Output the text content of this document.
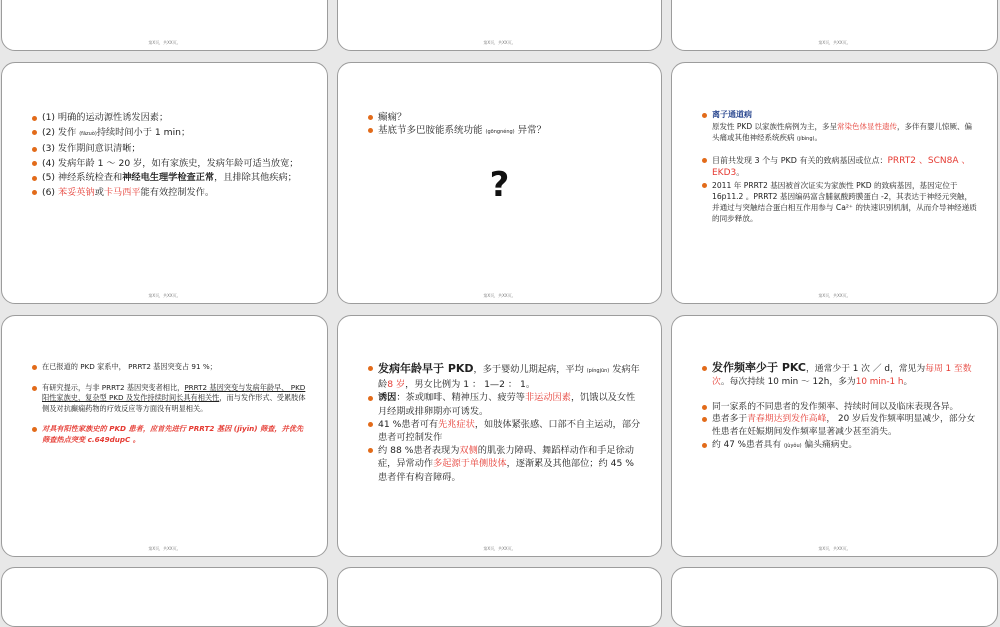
第X页，共XX页。	第X页，共XX页。	第X页，共XX页。
(1) 明确的运动源性诱发因素；
(2) 发作 (fāzuò)持续时间小于 1 min；
(3) 发作期间意识清晰；
(4) 发病年龄 1 ～ 20 岁，如有家族史，发病年龄可适当放宽；
(5) 神经系统检查和神经电生理学检查正常，且排除其他疾病；
(6) 苯妥英钠或卡马西平能有效控制发作。
第X页，共XX页。
癫痫？
基底节多巴胺能系统功能 (gōngnéng) 异常？
?
第X页，共XX页。
离子通道病
原发性 PKD 以家族性病例为主，多呈常染色体显性遗传，多伴有婴儿惊厥、偏头痛或其他神经系统疾病 (jíbìng)。
目前共发现 3 个与 PKD 有关的致病基因或位点：PRRT2 、SCN8A 、 EKD3。
2011 年 PRRT2 基因被首次证实为家族性 PKD 的致病基因，基因定位于 16p11.2 。PRRT2 基因编码富含脯氨酸跨膜蛋白 -2，其表达于神经元突触，并通过与突触结合蛋白相互作用参与 Ca²⁺ 的快速识别机制，从而介导神经递质的同步释放。
第X页，共XX页。
在已报道的 PKD 家系中， PRRT2 基因突变占 91 %；
有研究提示，与非 PRRT2 基因突变者相比，PRRT2 基因突变与发病年龄早、 PKD 阳性家族史、复杂型 PKD 及发作持续时间长具有相关性，而与发作形式、受累肢体侧及对抗癫痫药物的疗效反应等方面没有明显相关。
对具有阳性家族史的 PKD 患者，应首先进行 PRRT2 基因 (jīyīn) 筛查，并优先筛查热点突变 c.649dupC 。
第X页，共XX页。
发病年龄早于 PKD，多于婴幼儿期起病，平均 (píngjūn) 发病年龄8 岁，男女比例为 1 ： 1—2 ： 1。
诱因：茶或咖啡、精神压力、疲劳等非运动因素，饥饿以及女性月经期或排卵期亦可诱发。
41 %患者可有先兆症状，如肢体紧张感、口部不自主运动，部分患者可控制发作
约 88 %患者表现为双侧的肌张力障碍、舞蹈样动作和手足徐动症，异常动作多起源于单侧肢体，逐渐累及其他部位；约 45 %患者伴有构音障碍。
第X页，共XX页。
发作频率少于 PKC，通常少于 1 次 ／ d，常见为每周 1 至数次。每次持续 10 min ～ 12h，多为10 min-1 h。
同一家系的不同患者的发作频率、持续时间以及临床表现各异。
患者多于青春期达到发作高峰， 20 岁后发作频率明显减少，部分女性患者在妊娠期间发作频率显著减少甚至消失。
约 47 %患者具有 (jùyǒu) 偏头痛病史。
第X页，共XX页。
